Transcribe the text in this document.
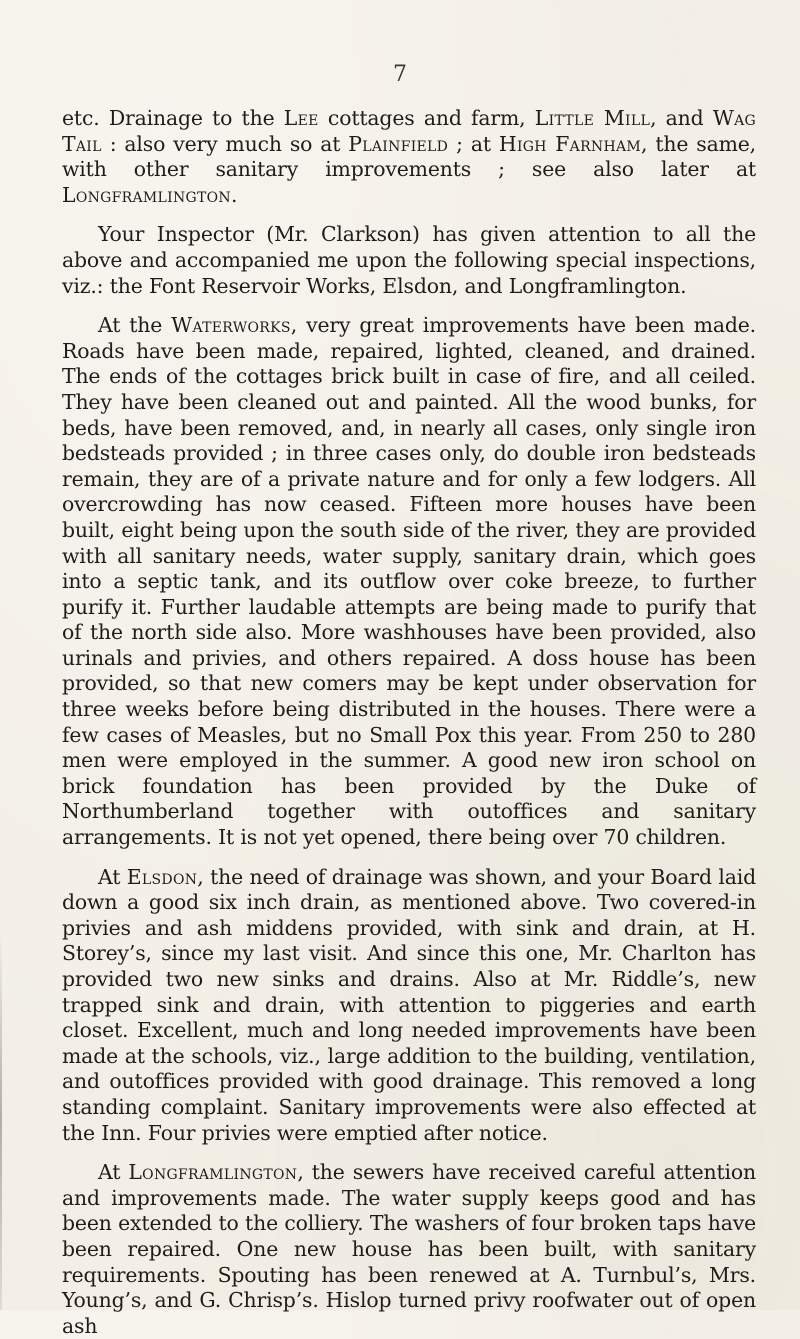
7

etc. Drainage to the Lee cottages and farm, Little Mill, and Wag Tail : also very much so at Plainfield ; at High Farnham, the same, with other sanitary improvements ; see also later at Longframlington.

Your Inspector (Mr. Clarkson) has given attention to all the above and accompanied me upon the following special inspections, viz.: the Font Reservoir Works, Elsdon, and Longframlington.

At the Waterworks, very great improvements have been made. Roads have been made, repaired, lighted, cleaned, and drained. The ends of the cottages brick built in case of fire, and all ceiled. They have been cleaned out and painted. All the wood bunks, for beds, have been removed, and, in nearly all cases, only single iron bedsteads provided ; in three cases only, do double iron bedsteads remain, they are of a private nature and for only a few lodgers. All overcrowding has now ceased. Fifteen more houses have been built, eight being upon the south side of the river, they are provided with all sanitary needs, water supply, sanitary drain, which goes into a septic tank, and its outflow over coke breeze, to further purify it. Further laudable attempts are being made to purify that of the north side also. More washhouses have been provided, also urinals and privies, and others repaired. A doss house has been provided, so that new comers may be kept under observation for three weeks before being distributed in the houses. There were a few cases of Measles, but no Small Pox this year. From 250 to 280 men were employed in the summer. A good new iron school on brick foundation has been provided by the Duke of Northumberland together with outoffices and sanitary arrangements. It is not yet opened, there being over 70 children.

At Elsdon, the need of drainage was shown, and your Board laid down a good six inch drain, as mentioned above. Two covered-in privies and ash middens provided, with sink and drain, at H. Storey’s, since my last visit. And since this one, Mr. Charlton has provided two new sinks and drains. Also at Mr. Riddle’s, new trapped sink and drain, with attention to piggeries and earth closet. Excellent, much and long needed improvements have been made at the schools, viz., large addition to the building, ventilation, and outoffices provided with good drainage. This removed a long standing complaint. Sanitary improvements were also effected at the Inn. Four privies were emptied after notice.

At Longframlington, the sewers have received careful attention and improvements made. The water supply keeps good and has been extended to the colliery. The washers of four broken taps have been repaired. One new house has been built, with sanitary requirements. Spouting has been renewed at A. Turnbul’s, Mrs. Young’s, and G. Chrisp’s. Hislop turned privy roofwater out of open ash
